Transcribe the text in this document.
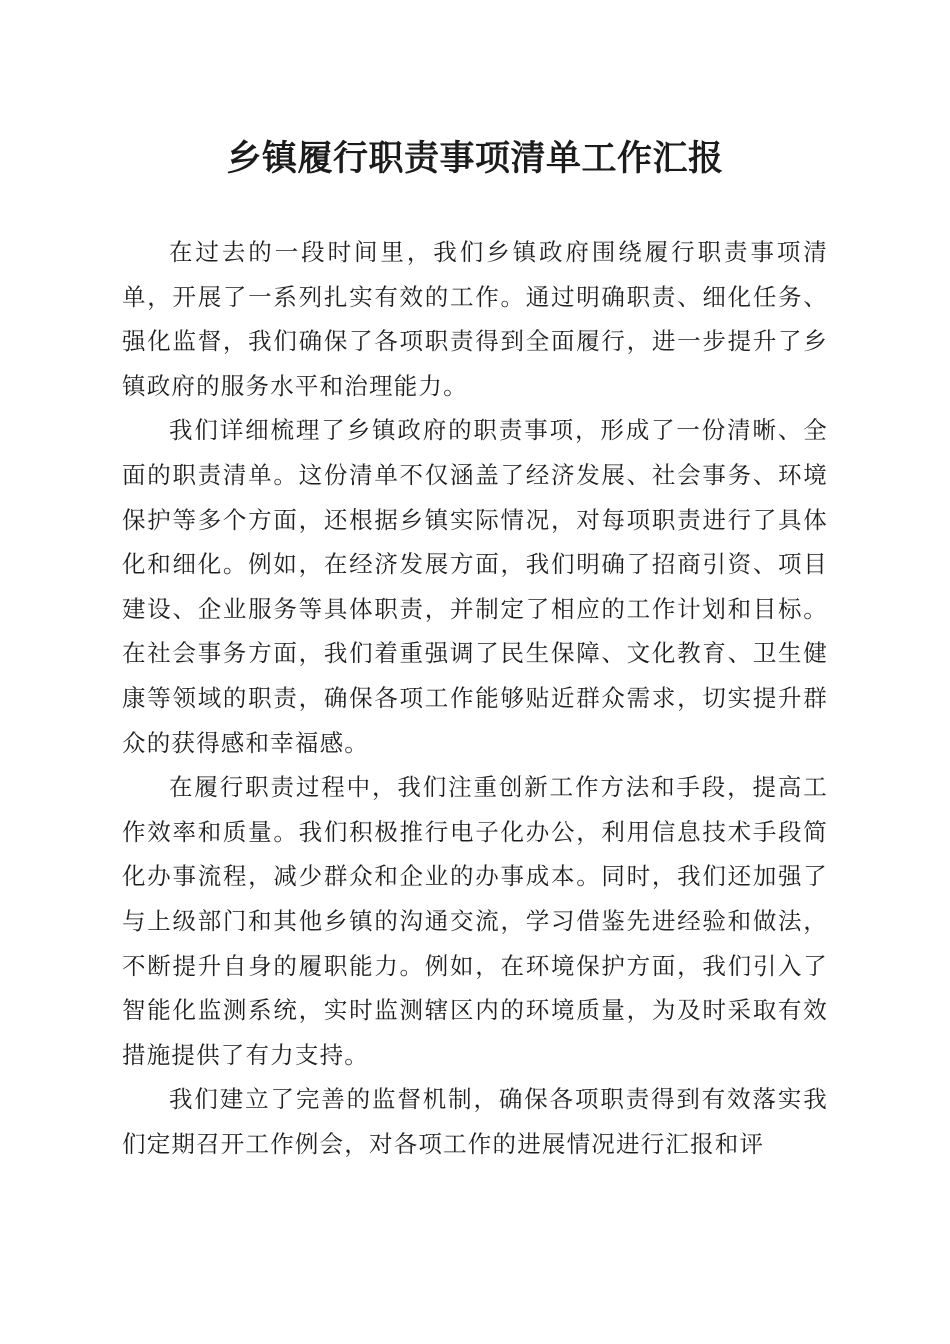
乡镇履行职责事项清单工作汇报

在过去的一段时间里，我们乡镇政府围绕履行职责事项清单，开展了一系列扎实有效的工作。通过明确职责、细化任务、强化监督，我们确保了各项职责得到全面履行，进一步提升了乡镇政府的服务水平和治理能力。

我们详细梳理了乡镇政府的职责事项，形成了一份清晰、全面的职责清单。这份清单不仅涵盖了经济发展、社会事务、环境保护等多个方面，还根据乡镇实际情况，对每项职责进行了具体化和细化。例如，在经济发展方面，我们明确了招商引资、项目建设、企业服务等具体职责，并制定了相应的工作计划和目标。在社会事务方面，我们着重强调了民生保障、文化教育、卫生健康等领域的职责，确保各项工作能够贴近群众需求，切实提升群众的获得感和幸福感。

在履行职责过程中，我们注重创新工作方法和手段，提高工作效率和质量。我们积极推行电子化办公，利用信息技术手段简化办事流程，减少群众和企业的办事成本。同时，我们还加强了与上级部门和其他乡镇的沟通交流，学习借鉴先进经验和做法，不断提升自身的履职能力。例如，在环境保护方面，我们引入了智能化监测系统，实时监测辖区内的环境质量，为及时采取有效措施提供了有力支持。

我们建立了完善的监督机制，确保各项职责得到有效落实我们定期召开工作例会，对各项工作的进展情况进行汇报和评
